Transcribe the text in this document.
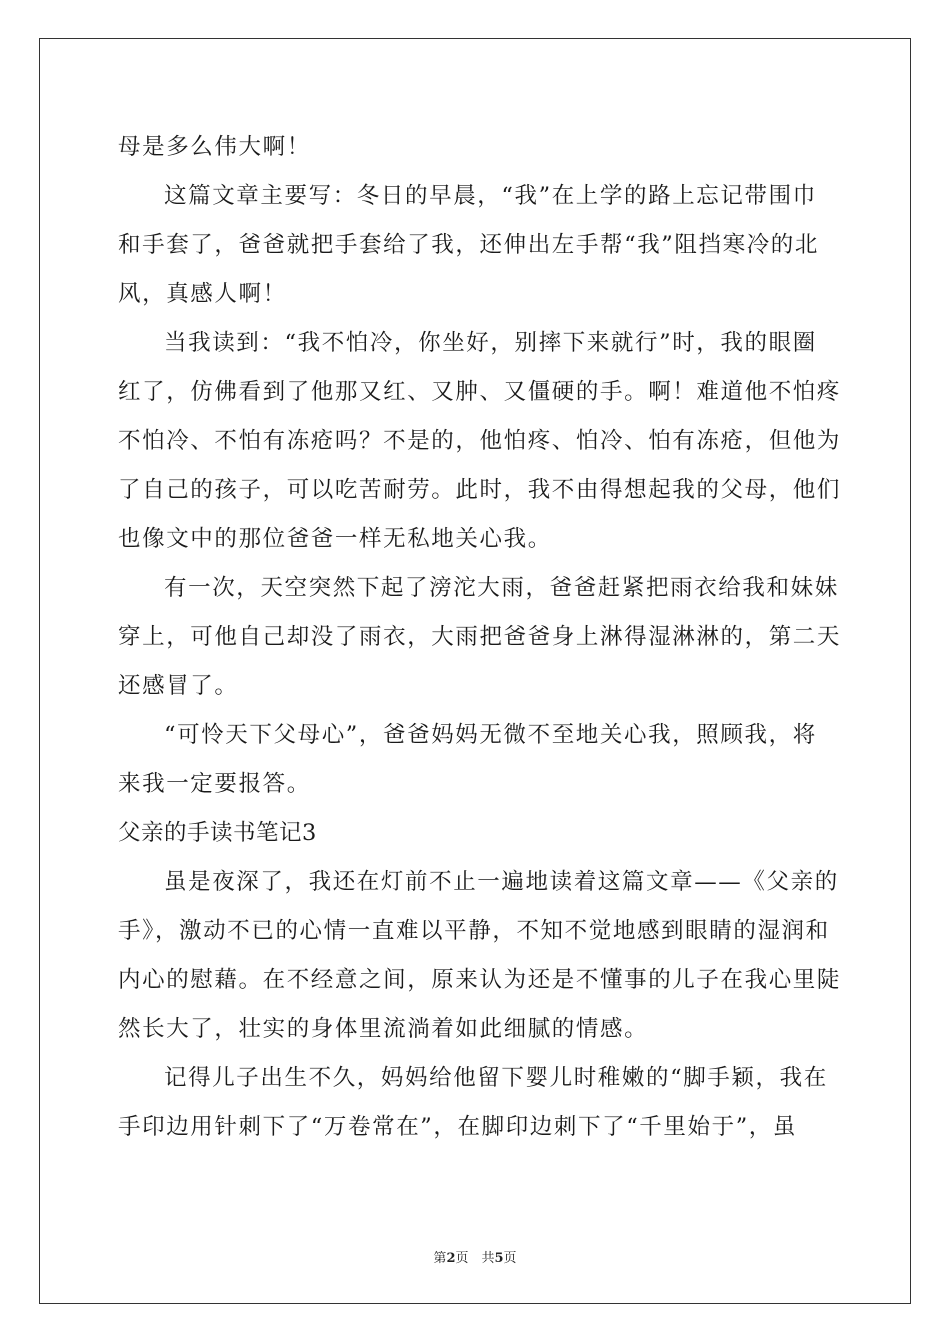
母是多么伟大啊！
这篇文章主要写：冬日的早晨，“我”在上学的路上忘记带围巾
和手套了，爸爸就把手套给了我，还伸出左手帮“我”阻挡寒冷的北
风，真感人啊！
当我读到：“我不怕冷，你坐好，别摔下来就行”时，我的眼圈
红了，仿佛看到了他那又红、又肿、又僵硬的手。啊！难道他不怕疼
不怕冷、不怕有冻疮吗？不是的，他怕疼、怕冷、怕有冻疮，但他为
了自己的孩子，可以吃苦耐劳。此时，我不由得想起我的父母，他们
也像文中的那位爸爸一样无私地关心我。
有一次，天空突然下起了滂沱大雨，爸爸赶紧把雨衣给我和妹妹
穿上，可他自己却没了雨衣，大雨把爸爸身上淋得湿淋淋的，第二天
还感冒了。
“可怜天下父母心”，爸爸妈妈无微不至地关心我，照顾我，将
来我一定要报答。
父亲的手读书笔记3
虽是夜深了，我还在灯前不止一遍地读着这篇文章——《父亲的
手》，激动不已的心情一直难以平静，不知不觉地感到眼睛的湿润和
内心的慰藉。在不经意之间，原来认为还是不懂事的儿子在我心里陡
然长大了，壮实的身体里流淌着如此细腻的情感。
记得儿子出生不久，妈妈给他留下婴儿时稚嫩的“脚手颖，我在
手印边用针刺下了“万卷常在”，在脚印边刺下了“千里始于”，虽
第2页　共5页
